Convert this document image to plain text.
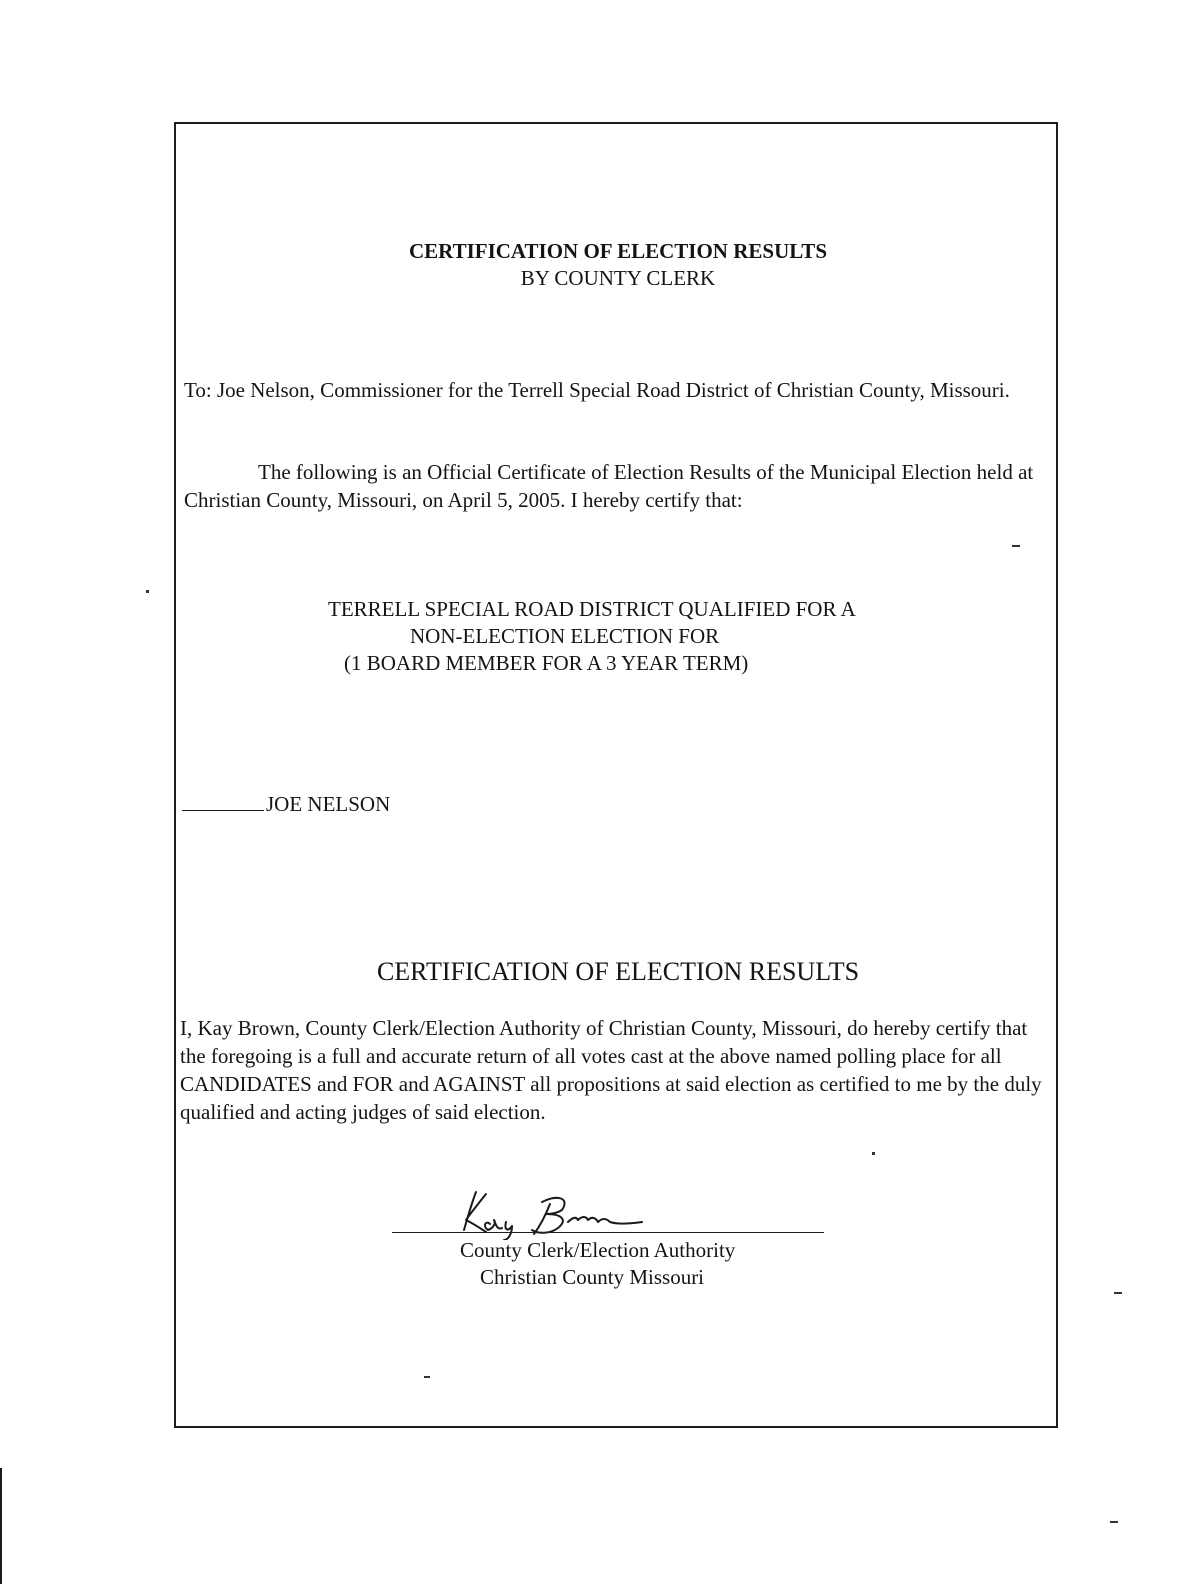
CERTIFICATION OF ELECTION RESULTS

BY COUNTY CLERK

To: Joe Nelson, Commissioner for the Terrell Special Road District of Christian County, Missouri.

The following is an Official Certificate of Election Results of the Municipal Election held at Christian County, Missouri, on April 5, 2005. I hereby certify that:

TERRELL SPECIAL ROAD DISTRICT QUALIFIED FOR A

NON-ELECTION ELECTION FOR

(1 BOARD MEMBER FOR A 3 YEAR TERM)

JOE NELSON

CERTIFICATION OF ELECTION RESULTS

I, Kay Brown, County Clerk/Election Authority of Christian County, Missouri, do hereby certify that the foregoing is a full and accurate return of all votes cast at the above named polling place for all CANDIDATES and FOR and AGAINST all propositions at said election as certified to me by the duly qualified and acting judges of said election.

County Clerk/Election Authority

Christian County Missouri
